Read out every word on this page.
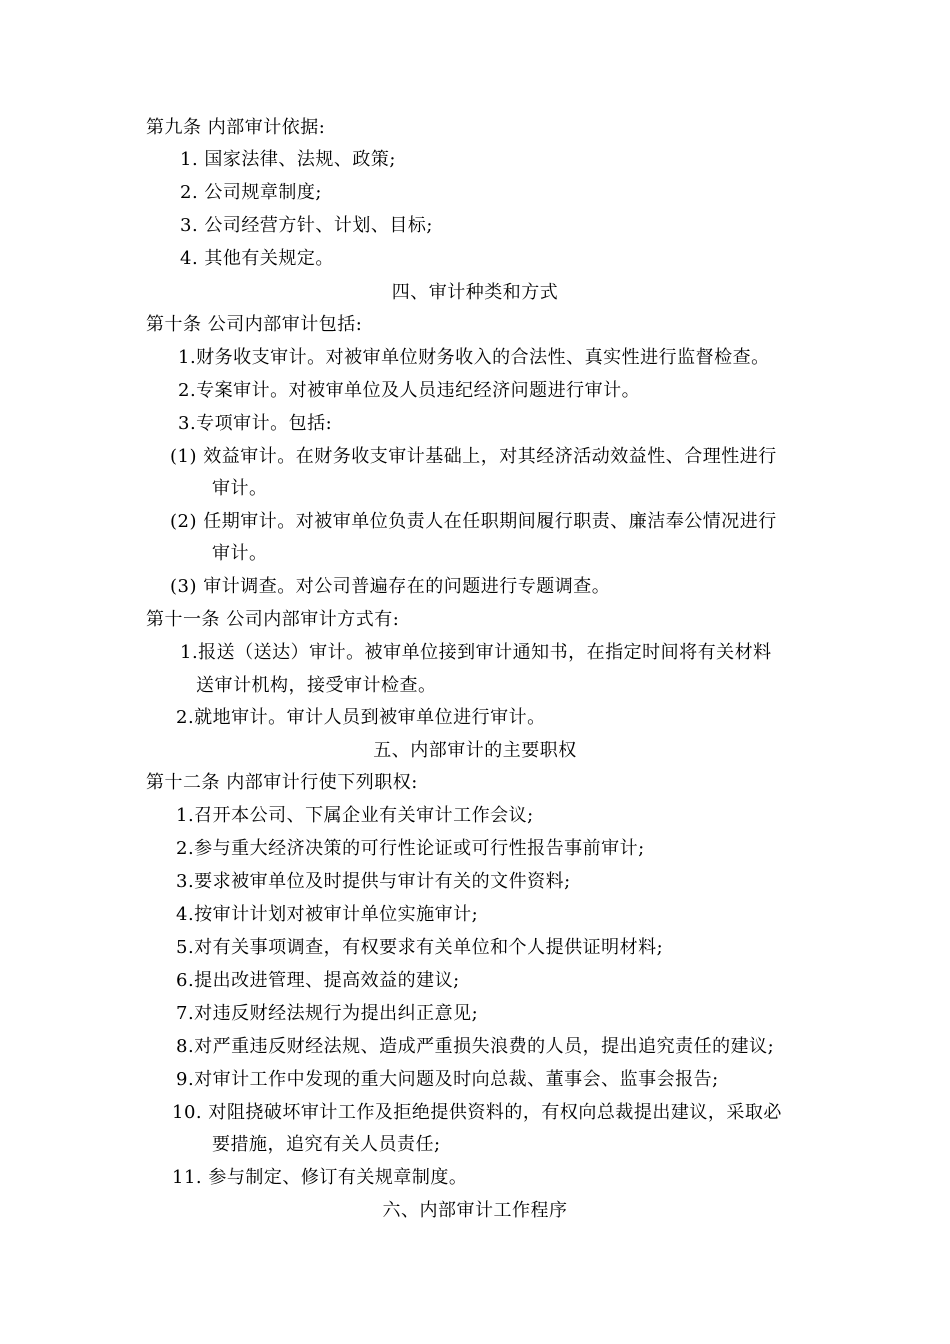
第九条 内部审计依据:
1. 国家法律、法规、政策;
2. 公司规章制度;
3. 公司经营方针、计划、目标;
4. 其他有关规定。
四、审计种类和方式
第十条 公司内部审计包括:
1.财务收支审计。对被审单位财务收入的合法性、真实性进行监督检查。
2.专案审计。对被审单位及人员违纪经济问题进行审计。
3.专项审计。包括:
(1) 效益审计。在财务收支审计基础上，对其经济活动效益性、合理性进行
审计。
(2) 任期审计。对被审单位负责人在任职期间履行职责、廉洁奉公情况进行
审计。
(3) 审计调查。对公司普遍存在的问题进行专题调查。
第十一条 公司内部审计方式有:
1.报送（送达）审计。被审单位接到审计通知书，在指定时间将有关材料
送审计机构，接受审计检查。
2.就地审计。审计人员到被审单位进行审计。
五、内部审计的主要职权
第十二条 内部审计行使下列职权:
1.召开本公司、下属企业有关审计工作会议;
2.参与重大经济决策的可行性论证或可行性报告事前审计;
3.要求被审单位及时提供与审计有关的文件资料;
4.按审计计划对被审计单位实施审计;
5.对有关事项调查，有权要求有关单位和个人提供证明材料;
6.提出改进管理、提高效益的建议;
7.对违反财经法规行为提出纠正意见;
8.对严重违反财经法规、造成严重损失浪费的人员，提出追究责任的建议;
9.对审计工作中发现的重大问题及时向总裁、董事会、监事会报告;
10. 对阻挠破坏审计工作及拒绝提供资料的，有权向总裁提出建议，采取必
要措施，追究有关人员责任;
11. 参与制定、修订有关规章制度。
六、内部审计工作程序
